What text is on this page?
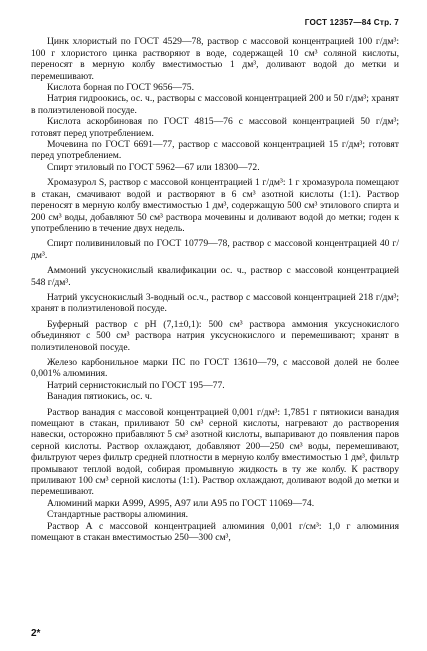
ГОСТ 12357—84 Стр. 7

Цинк хлористый по ГОСТ 4529—78, раствор с массовой концентрацией 100 г/дм³: 100 г хлористого цинка растворяют в воде, содержащей 10 см³ соляной кислоты, переносят в мерную колбу вместимостью 1 дм³, доливают водой до метки и перемешивают.

Кислота борная по ГОСТ 9656—75.

Натрия гидроокись, ос. ч., растворы с массовой концентрацией 200 и 50 г/дм³; хранят в полиэтиленовой посуде.

Кислота аскорбиновая по ГОСТ 4815—76 с массовой концентрацией 50 г/дм³; готовят перед употреблением.

Мочевина по ГОСТ 6691—77, раствор с массовой концентрацией 15 г/дм³; готовят перед употреблением.

Спирт этиловый по ГОСТ 5962—67 или 18300—72.

Хромазурол S, раствор с массовой концентрацией 1 г/дм³: 1 г хромазурола помещают в стакан, смачивают водой и растворяют в 6 см³ азотной кислоты (1:1). Раствор переносят в мерную колбу вместимостью 1 дм³, содержащую 500 см³ этилового спирта и 200 см³ воды, добавляют 50 см³ раствора мочевины и доливают водой до метки; годен к употреблению в течение двух недель.

Спирт поливиниловый по ГОСТ 10779—78, раствор с массовой концентрацией 40 г/дм³.

Аммоний уксуснокислый квалификации ос. ч., раствор с массовой концентрацией 548 г/дм³.

Натрий уксуснокислый 3-водный ос.ч., раствор с массовой концентрацией 218 г/дм³; хранят в полиэтиленовой посуде.

Буферный раствор с рН (7,1±0,1): 500 см³ раствора аммония уксуснокислого объединяют с 500 см³ раствора натрия уксуснокислого и перемешивают; хранят в полиэтиленовой посуде.

Железо карбонильное марки ПС по ГОСТ 13610—79, с массовой долей не более 0,001% алюминия.

Натрий сернистокислый по ГОСТ 195—77.

Ванадия пятиокись, ос. ч.

Раствор ванадия с массовой концентрацией 0,001 г/дм³: 1,7851 г пятиокиси ванадия помещают в стакан, приливают 50 см³ серной кислоты, нагревают до растворения навески, осторожно прибавляют 5 см³ азотной кислоты, выпаривают до появления паров серной кислоты. Раствор охлаждают, добавляют 200—250 см³ воды, перемешивают, фильтруют через фильтр средней плотности в мерную колбу вместимостью 1 дм³, фильтр промывают теплой водой, собирая промывную жидкость в ту же колбу. К раствору приливают 100 см³ серной кислоты (1:1). Раствор охлаждают, доливают водой до метки и перемешивают.

Алюминий марки А999, А995, А97 или А95 по ГОСТ 11069—74.

Стандартные растворы алюминия.

Раствор А с массовой концентрацией алюминия 0,001 г/см³: 1,0 г алюминия помещают в стакан вместимостью 250—300 см³,

2*
